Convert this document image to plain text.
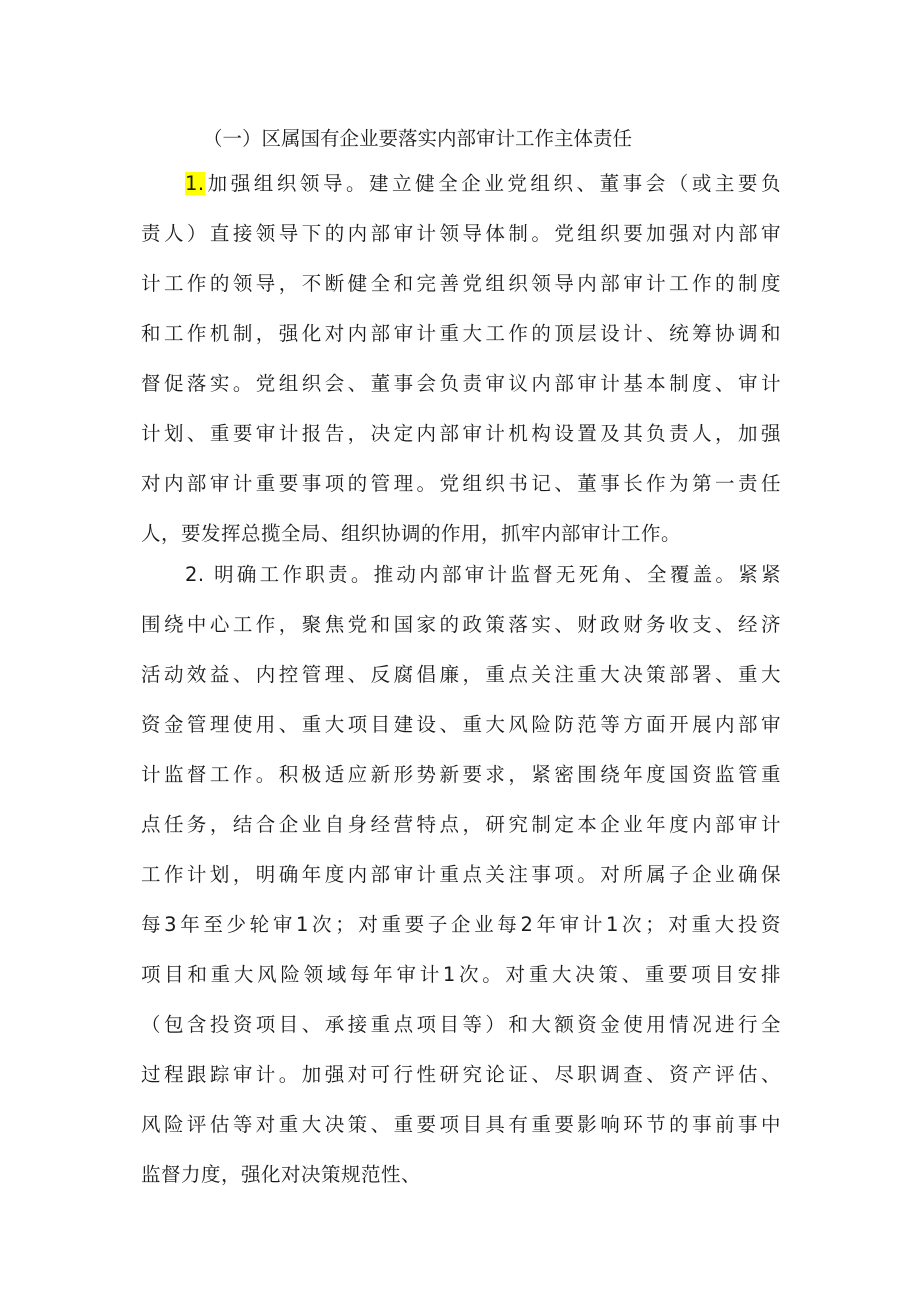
（一）区属国有企业要落实内部审计工作主体责任
1.加强组织领导。建立健全企业党组织、董事会（或主要负
责人）直接领导下的内部审计领导体制。党组织要加强对内部审
计工作的领导，不断健全和完善党组织领导内部审计工作的制度
和工作机制，强化对内部审计重大工作的顶层设计、统筹协调和
督促落实。党组织会、董事会负责审议内部审计基本制度、审计
计划、重要审计报告，决定内部审计机构设置及其负责人，加强
对内部审计重要事项的管理。党组织书记、董事长作为第一责任
人，要发挥总揽全局、组织协调的作用，抓牢内部审计工作。
2. 明确工作职责。推动内部审计监督无死角、全覆盖。紧紧
围绕中心工作，聚焦党和国家的政策落实、财政财务收支、经济
活动效益、内控管理、反腐倡廉，重点关注重大决策部署、重大
资金管理使用、重大项目建设、重大风险防范等方面开展内部审
计监督工作。积极适应新形势新要求，紧密围绕年度国资监管重
点任务，结合企业自身经营特点，研究制定本企业年度内部审计
工作计划，明确年度内部审计重点关注事项。对所属子企业确保
每3年至少轮审1次；对重要子企业每2年审计1次；对重大投资
项目和重大风险领域每年审计1次。对重大决策、重要项目安排
（包含投资项目、承接重点项目等）和大额资金使用情况进行全
过程跟踪审计。加强对可行性研究论证、尽职调查、资产评估、
风险评估等对重大决策、重要项目具有重要影响环节的事前事中
监督力度，强化对决策规范性、
